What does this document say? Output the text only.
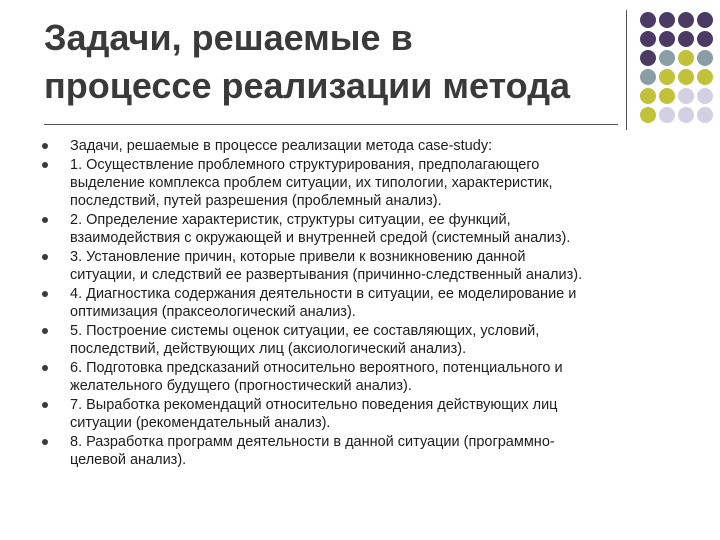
Задачи, решаемые в
процессе реализации метода
Задачи, решаемые в процессе реализации метода case-study:
1. Осуществление проблемного структурирования, предполагающего
выделение комплекса проблем ситуации, их типологии, характеристик,
последствий, путей разрешения (проблемный анализ).
2. Определение характеристик, структуры ситуации, ее функций,
взаимодействия с окружающей и внутренней средой (системный анализ).
3. Установление причин, которые привели к возникновению данной
ситуации, и следствий ее развертывания (причинно-следственный анализ).
4. Диагностика содержания деятельности в ситуации, ее моделирование и
оптимизация (праксеологический анализ).
5. Построение системы оценок ситуации, ее составляющих, условий,
последствий, действующих лиц (аксиологический анализ).
6. Подготовка предсказаний относительно вероятного, потенциального и
желательного будущего (прогностический анализ).
7. Выработка рекомендаций относительно поведения действующих лиц
ситуации (рекомендательный анализ).
8. Разработка программ деятельности в данной ситуации (программно-
целевой анализ).
